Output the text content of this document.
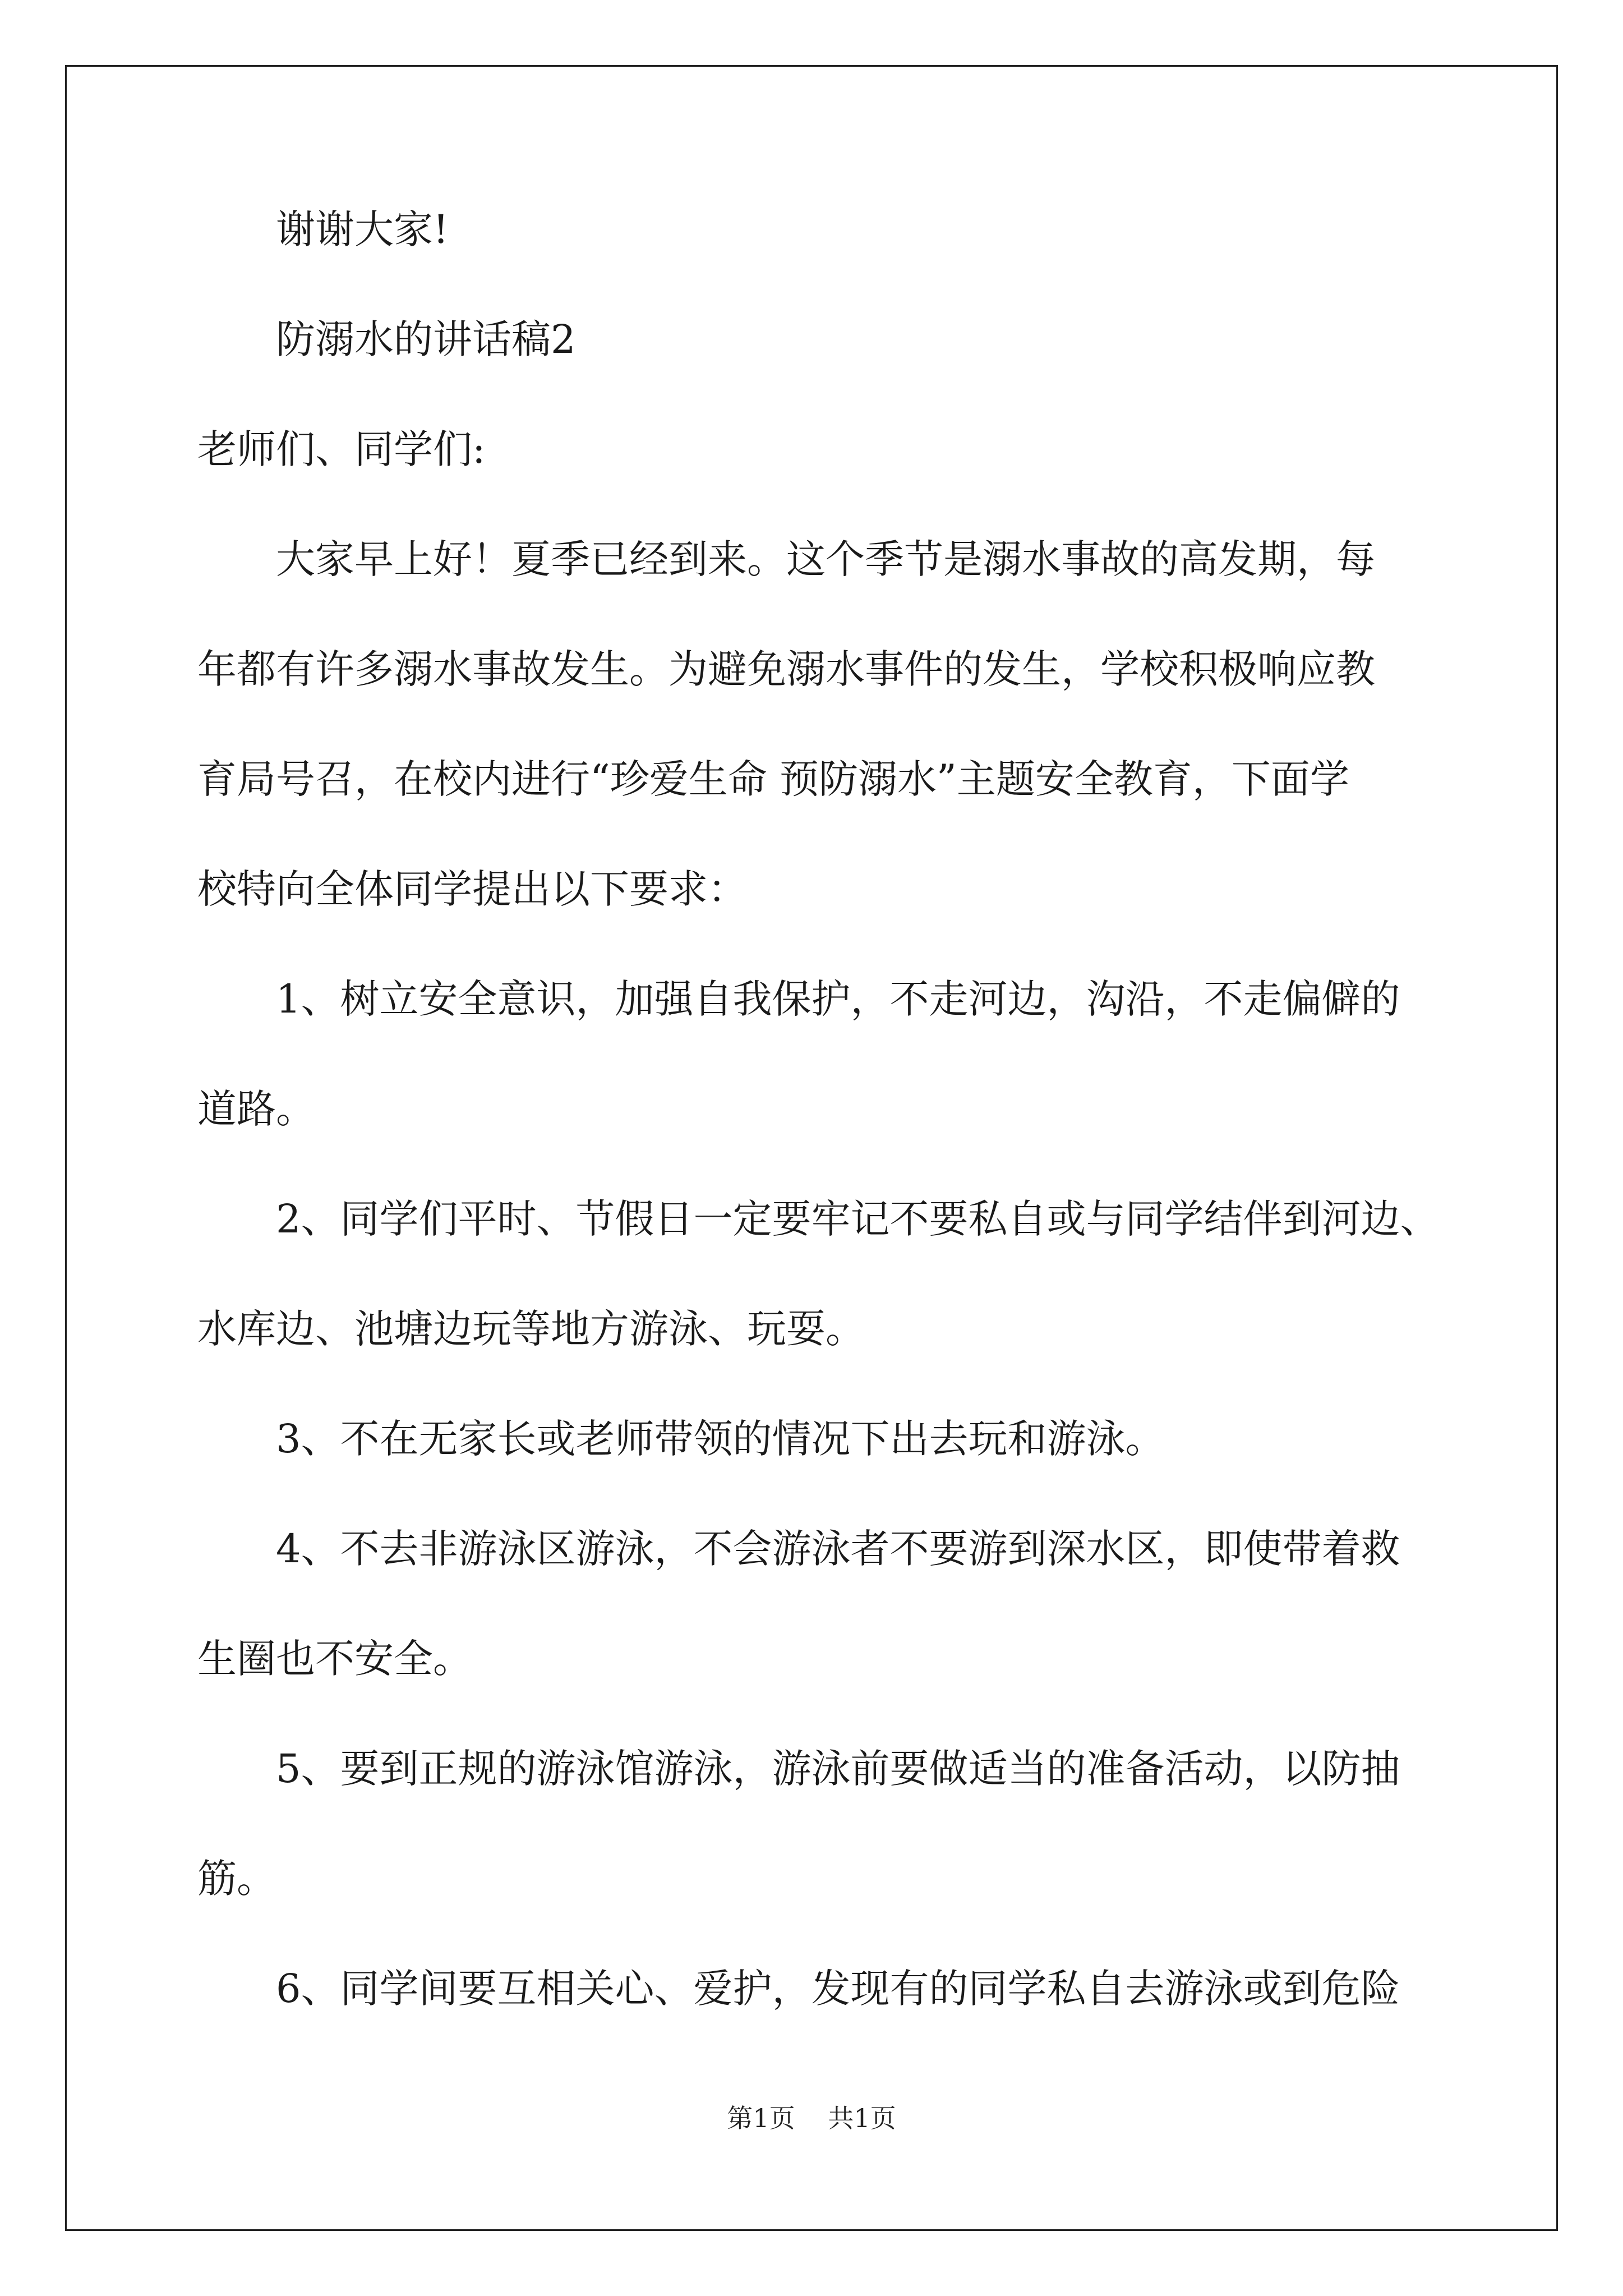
谢谢大家!
防溺水的讲话稿2
老师们、同学们:
大家早上好！夏季已经到来。这个季节是溺水事故的高发期，每
年都有许多溺水事故发生。为避免溺水事件的发生，学校积极响应教
育局号召，在校内进行“珍爱生命 预防溺水”主题安全教育，下面学
校特向全体同学提出以下要求：
1、树立安全意识，加强自我保护，不走河边，沟沿，不走偏僻的
道路。
2、同学们平时、节假日一定要牢记不要私自或与同学结伴到河边、
水库边、池塘边玩等地方游泳、玩耍。
3、不在无家长或老师带领的情况下出去玩和游泳。
4、不去非游泳区游泳，不会游泳者不要游到深水区，即使带着救
生圈也不安全。
5、要到正规的游泳馆游泳，游泳前要做适当的准备活动，以防抽
筋。
6、同学间要互相关心、爱护，发现有的同学私自去游泳或到危险
第1页 共1页
